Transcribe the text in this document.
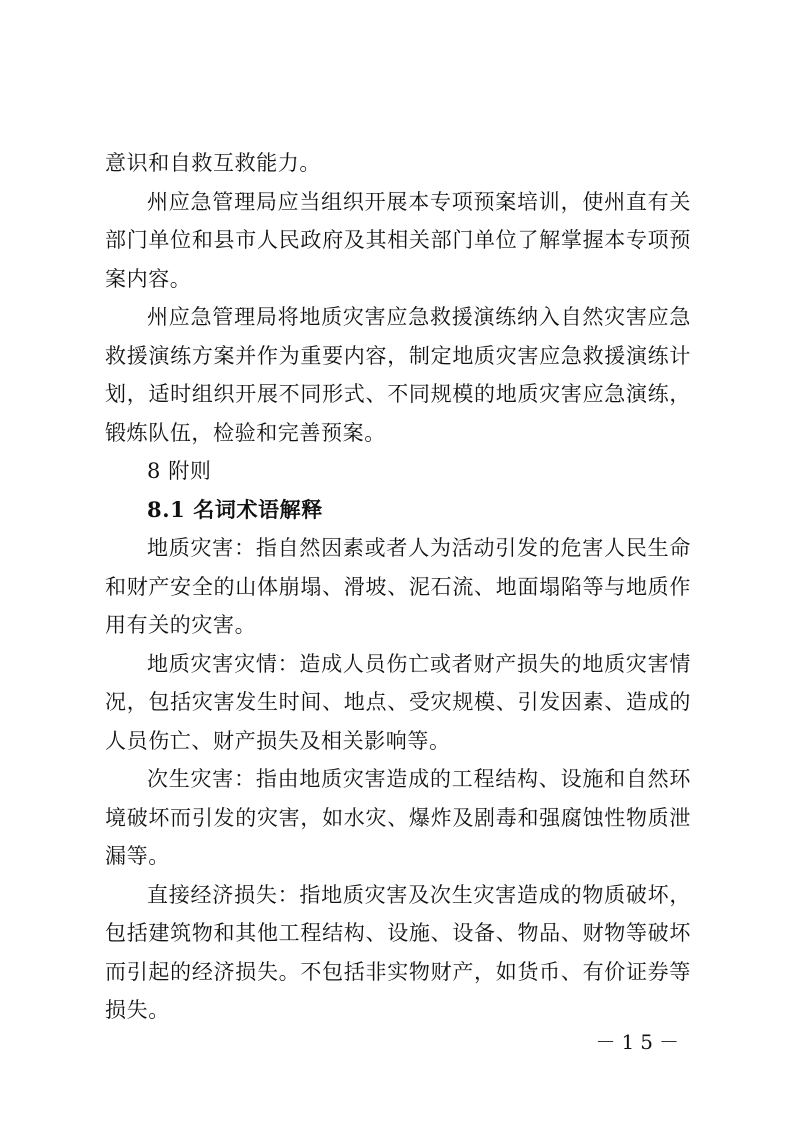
意识和自救互救能力。

州应急管理局应当组织开展本专项预案培训，使州直有关部门单位和县市人民政府及其相关部门单位了解掌握本专项预案内容。

州应急管理局将地质灾害应急救援演练纳入自然灾害应急救援演练方案并作为重要内容，制定地质灾害应急救援演练计划，适时组织开展不同形式、不同规模的地质灾害应急演练，锻炼队伍，检验和完善预案。

8 附则

8.1 名词术语解释

地质灾害：指自然因素或者人为活动引发的危害人民生命和财产安全的山体崩塌、滑坡、泥石流、地面塌陷等与地质作用有关的灾害。

地质灾害灾情：造成人员伤亡或者财产损失的地质灾害情况，包括灾害发生时间、地点、受灾规模、引发因素、造成的人员伤亡、财产损失及相关影响等。

次生灾害：指由地质灾害造成的工程结构、设施和自然环境破坏而引发的灾害，如水灾、爆炸及剧毒和强腐蚀性物质泄漏等。

直接经济损失：指地质灾害及次生灾害造成的物质破坏，包括建筑物和其他工程结构、设施、设备、物品、财物等破坏而引起的经济损失。不包括非实物财产，如货币、有价证券等损失。

－15－
